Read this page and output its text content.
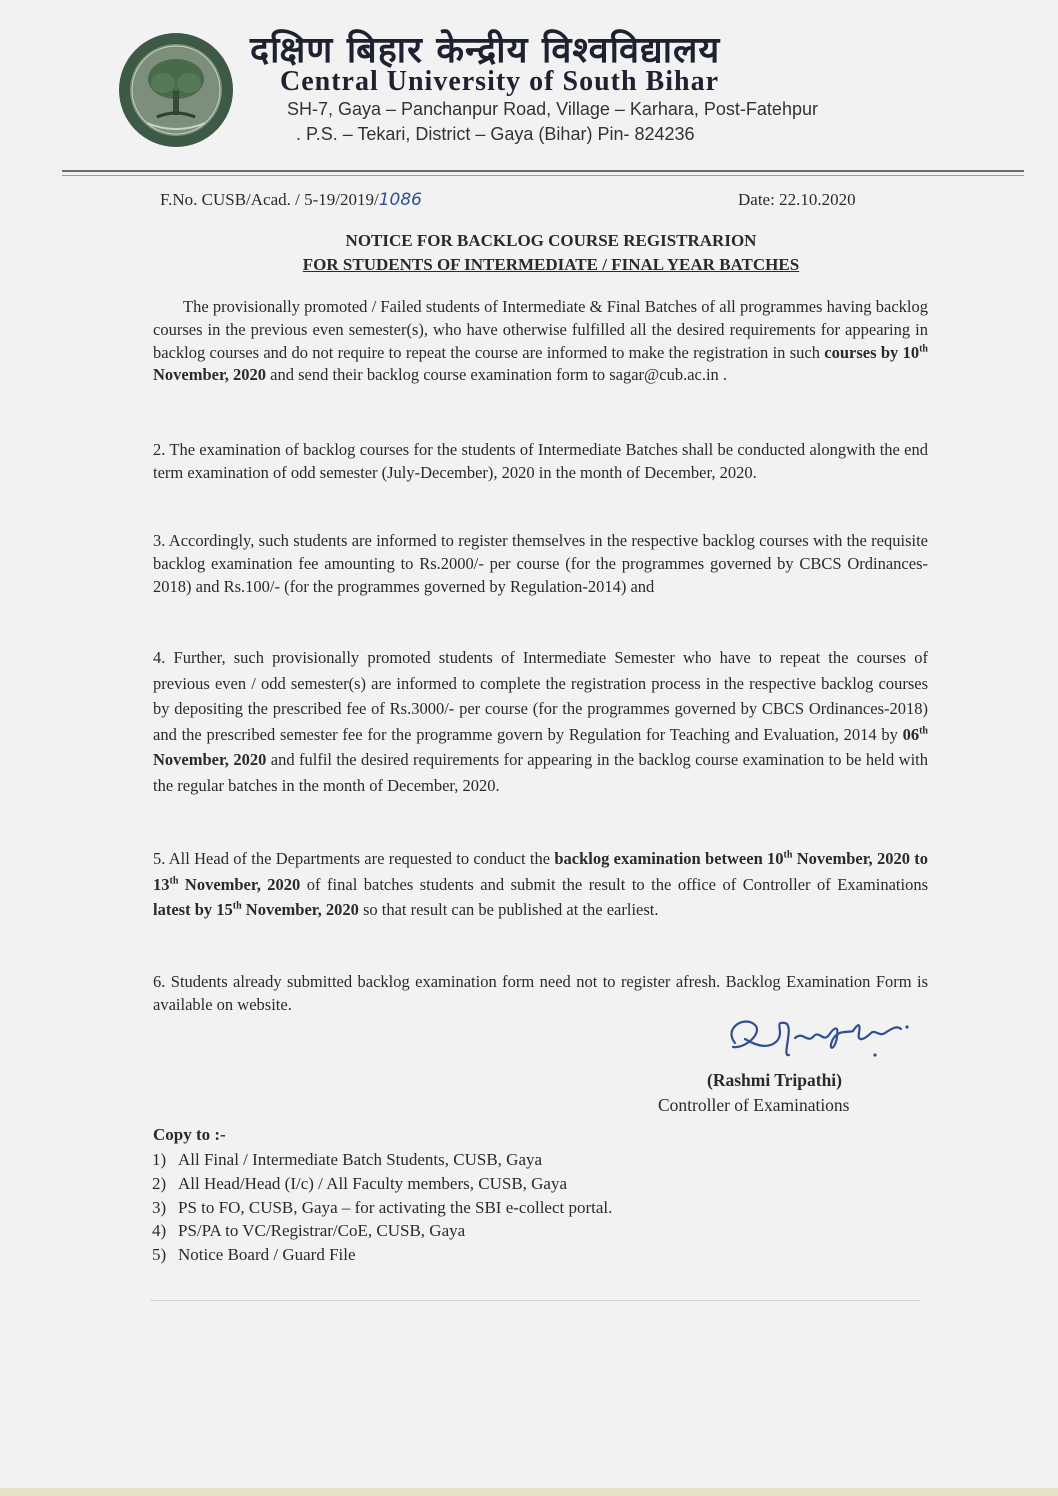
दक्षिण बिहार केन्द्रीय विश्वविद्यालय
Central University of South Bihar
SH-7, Gaya – Panchanpur Road, Village – Karhara, Post-Fatehpur
. P.S. – Tekari, District – Gaya (Bihar) Pin- 824236
F.No. CUSB/Acad. / 5-19/2019/1086	Date: 22.10.2020
NOTICE FOR BACKLOG COURSE REGISTRARION
FOR STUDENTS OF INTERMEDIATE / FINAL YEAR BATCHES
The provisionally promoted / Failed students of Intermediate & Final Batches of all programmes having backlog courses in the previous even semester(s), who have otherwise fulfilled all the desired requirements for appearing in backlog courses and do not require to repeat the course are informed to make the registration in such courses by 10th November, 2020 and send their backlog course examination form to sagar@cub.ac.in .
2. The examination of backlog courses for the students of Intermediate Batches shall be conducted alongwith the end term examination of odd semester (July-December), 2020 in the month of December, 2020.
3. Accordingly, such students are informed to register themselves in the respective backlog courses with the requisite backlog examination fee amounting to Rs.2000/- per course (for the programmes governed by CBCS Ordinances-2018) and Rs.100/- (for the programmes governed by Regulation-2014) and
4. Further, such provisionally promoted students of Intermediate Semester who have to repeat the courses of previous even / odd semester(s) are informed to complete the registration process in the respective backlog courses by depositing the prescribed fee of Rs.3000/- per course (for the programmes governed by CBCS Ordinances-2018) and the prescribed semester fee for the programme govern by Regulation for Teaching and Evaluation, 2014 by 06th November, 2020 and fulfil the desired requirements for appearing in the backlog course examination to be held with the regular batches in the month of December, 2020.
5. All Head of the Departments are requested to conduct the backlog examination between 10th November, 2020 to 13th November, 2020 of final batches students and submit the result to the office of Controller of Examinations latest by 15th November, 2020 so that result can be published at the earliest.
6. Students already submitted backlog examination form need not to register afresh. Backlog Examination Form is available on website.
(Rashmi Tripathi)
Controller of Examinations
Copy to :-
1) All Final / Intermediate Batch Students, CUSB, Gaya
2) All Head/Head (I/c) / All Faculty members, CUSB, Gaya
3) PS to FO, CUSB, Gaya – for activating the SBI e-collect portal.
4) PS/PA to VC/Registrar/CoE, CUSB, Gaya
5) Notice Board / Guard File
